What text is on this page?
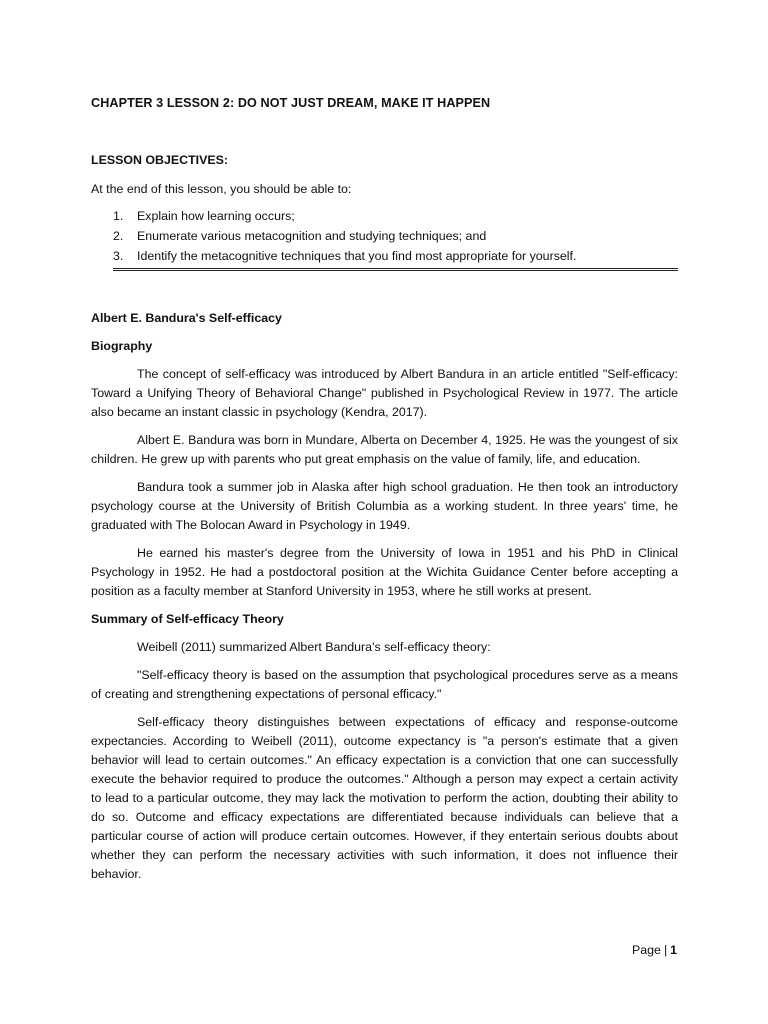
CHAPTER 3 LESSON 2: DO NOT JUST DREAM, MAKE IT HAPPEN

LESSON OBJECTIVES:

At the end of this lesson, you should be able to:

1.	Explain how learning occurs;
2.	Enumerate various metacognition and studying techniques; and
3.	Identify the metacognitive techniques that you find most appropriate for yourself.

Albert E. Bandura's Self-efficacy

Biography

The concept of self-efficacy was introduced by Albert Bandura in an article entitled "Self-efficacy: Toward a Unifying Theory of Behavioral Change" published in Psychological Review in 1977. The article also became an instant classic in psychology (Kendra, 2017).

Albert E. Bandura was born in Mundare, Alberta on December 4, 1925. He was the youngest of six children. He grew up with parents who put great emphasis on the value of family, life, and education.

Bandura took a summer job in Alaska after high school graduation. He then took an introductory psychology course at the University of British Columbia as a working student. In three years' time, he graduated with The Bolocan Award in Psychology in 1949.

He earned his master's degree from the University of Iowa in 1951 and his PhD in Clinical Psychology in 1952. He had a postdoctoral position at the Wichita Guidance Center before accepting a position as a faculty member at Stanford University in 1953, where he still works at present.

Summary of Self-efficacy Theory

Weibell (2011) summarized Albert Bandura's self-efficacy theory:

"Self-efficacy theory is based on the assumption that psychological procedures serve as a means of creating and strengthening expectations of personal efficacy."

Self-efficacy theory distinguishes between expectations of efficacy and response-outcome expectancies. According to Weibell (2011), outcome expectancy is "a person's estimate that a given behavior will lead to certain outcomes." An efficacy expectation is a conviction that one can successfully execute the behavior required to produce the outcomes." Although a person may expect a certain activity to lead to a particular outcome, they may lack the motivation to perform the action, doubting their ability to do so. Outcome and efficacy expectations are differentiated because individuals can believe that a particular course of action will produce certain outcomes. However, if they entertain serious doubts about whether they can perform the necessary activities with such information, it does not influence their behavior.

Page | 1
